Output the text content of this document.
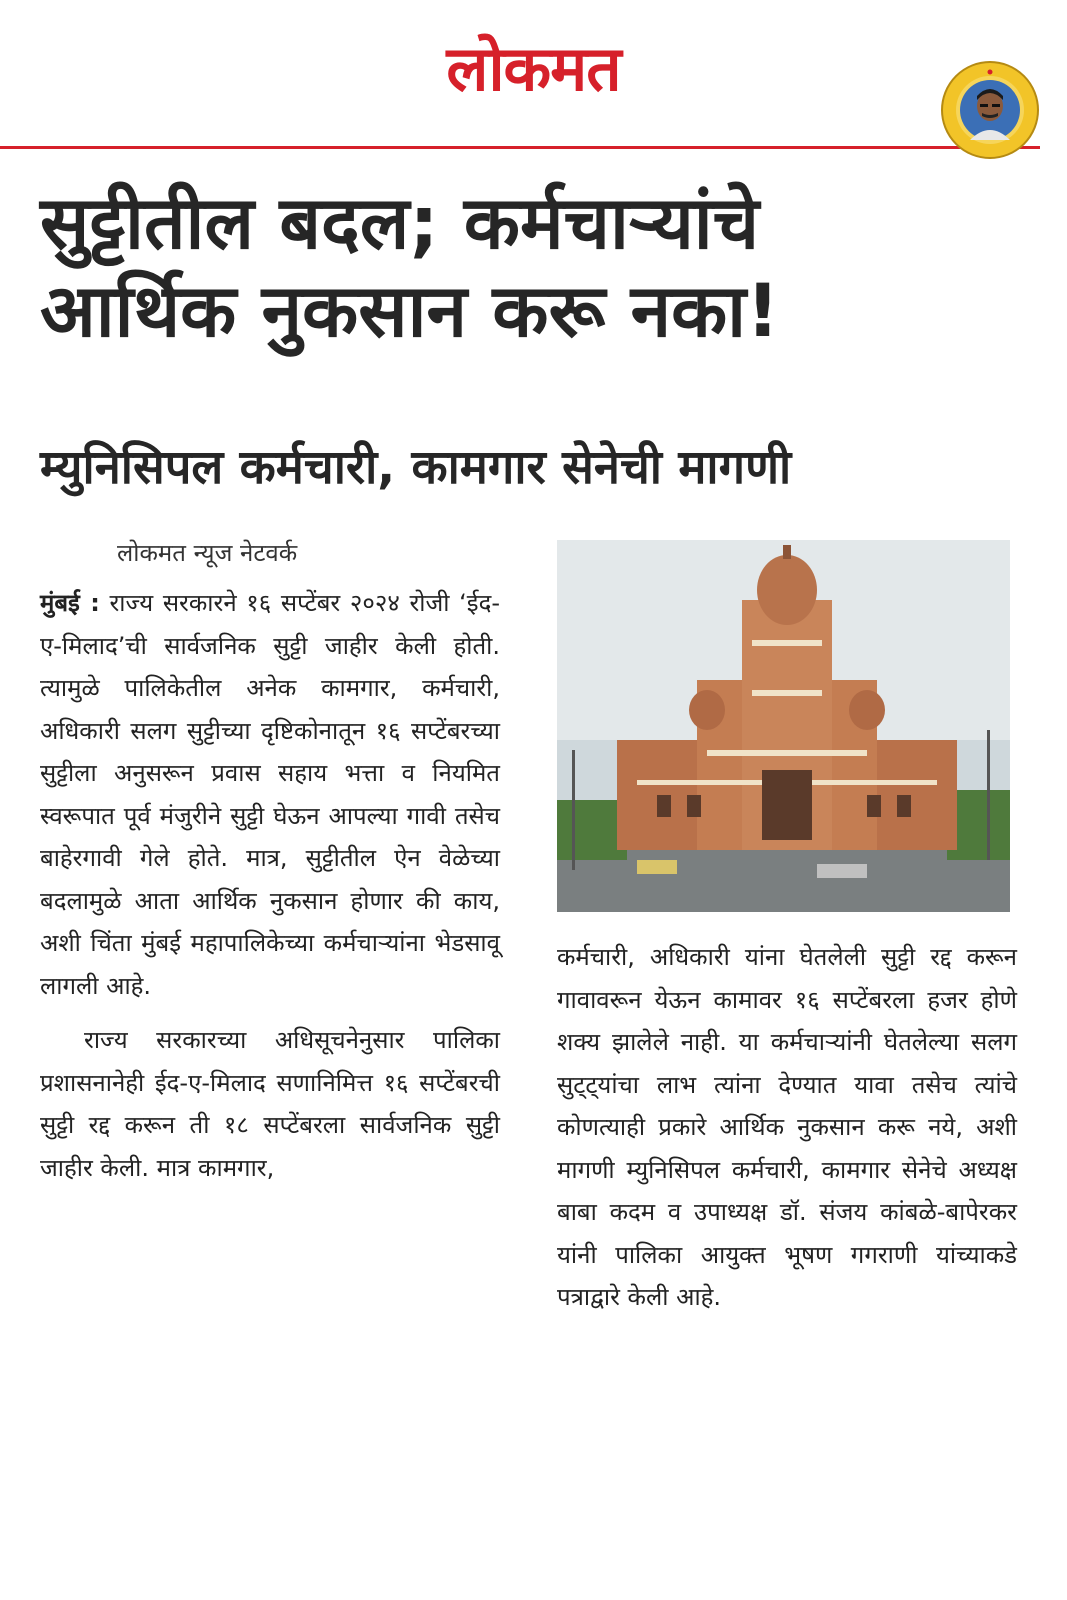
लोकमत
सुट्टीतील बदल; कर्मचाऱ्यांचे
आर्थिक नुकसान करू नका!
म्युनिसिपल कर्मचारी, कामगार सेनेची मागणी
लोकमत न्यूज नेटवर्क

मुंबई : राज्य सरकारने १६ सप्टेंबर २०२४ रोजी ‘ईद-ए-मिलाद’ची सार्वजनिक सुट्टी जाहीर केली होती. त्यामुळे पालिकेतील अनेक कामगार, कर्मचारी, अधिकारी सलग सुट्टीच्या दृष्टिकोनातून १६ सप्टेंबरच्या सुट्टीला अनुसरून प्रवास सहाय भत्ता व नियमित स्वरूपात पूर्व मंजुरीने सुट्टी घेऊन आपल्या गावी तसेच बाहेरगावी गेले होते. मात्र, सुट्टीतील ऐन वेळेच्या बदलामुळे आता आर्थिक नुकसान होणार की काय, अशी चिंता मुंबई महापालिकेच्या कर्मचाऱ्यांना भेडसावू लागली आहे.

राज्य सरकारच्या अधिसूचनेनुसार पालिका प्रशासनानेही ईद-ए-मिलाद सणानिमित्त १६ सप्टेंबरची सुट्टी रद्द करून ती १८ सप्टेंबरला सार्वजनिक सुट्टी जाहीर केली. मात्र कामगार,

कर्मचारी, अधिकारी यांना घेतलेली सुट्टी रद्द करून गावावरून येऊन कामावर १६ सप्टेंबरला हजर होणे शक्य झालेले नाही. या कर्मचाऱ्यांनी घेतलेल्या सलग सुट्ट्यांचा लाभ त्यांना देण्यात यावा तसेच त्यांचे कोणत्याही प्रकारे आर्थिक नुकसान करू नये, अशी मागणी म्युनिसिपल कर्मचारी, कामगार सेनेचे अध्यक्ष बाबा कदम व उपाध्यक्ष डॉ. संजय कांबळे-बापेरकर यांनी पालिका आयुक्त भूषण गगराणी यांच्याकडे पत्राद्वारे केली आहे.
